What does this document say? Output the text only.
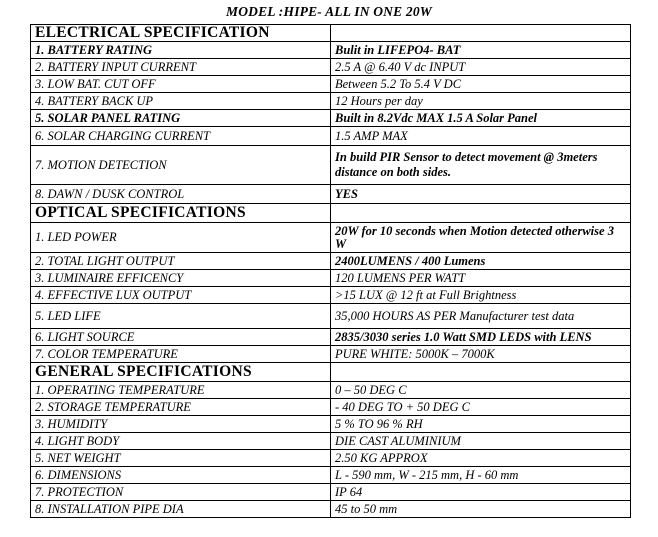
MODEL :HIPE- ALL IN ONE 20W
ELECTRICAL SPECIFICATION	
1. BATTERY RATING	Bulit in LIFEPO4- BAT
2. BATTERY INPUT CURRENT	2.5 A @ 6.40 V dc INPUT
3. LOW BAT. CUT OFF	Between 5.2 To 5.4 V DC
4. BATTERY BACK UP	12 Hours per day
5. SOLAR PANEL RATING	Built in 8.2Vdc MAX 1.5 A Solar Panel
6. SOLAR CHARGING CURRENT	1.5 AMP MAX
7. MOTION DETECTION	In build PIR Sensor to detect movement @ 3meters distance on both sides.
8. DAWN / DUSK CONTROL	YES
OPTICAL SPECIFICATIONS	
1. LED POWER	20W for 10 seconds when Motion detected otherwise 3 W
2. TOTAL LIGHT OUTPUT	2400LUMENS / 400 Lumens
3. LUMINAIRE EFFICENCY	120 LUMENS PER WATT
4. EFFECTIVE LUX OUTPUT	>15 LUX @ 12 ft at Full Brightness
5. LED LIFE	35,000 HOURS AS PER Manufacturer test data
6. LIGHT SOURCE	2835/3030 series 1.0 Watt SMD LEDS with LENS
7. COLOR TEMPERATURE	PURE WHITE: 5000K – 7000K
GENERAL SPECIFICATIONS	
1. OPERATING TEMPERATURE	0 – 50 DEG C
2. STORAGE TEMPERATURE	- 40 DEG TO + 50 DEG C
3. HUMIDITY	5 % TO 96 % RH
4. LIGHT BODY	DIE CAST ALUMINIUM
5. NET WEIGHT	2.50 KG APPROX
6. DIMENSIONS	L - 590 mm, W - 215 mm, H - 60 mm
7. PROTECTION	IP 64
8. INSTALLATION PIPE DIA	45 to 50 mm
